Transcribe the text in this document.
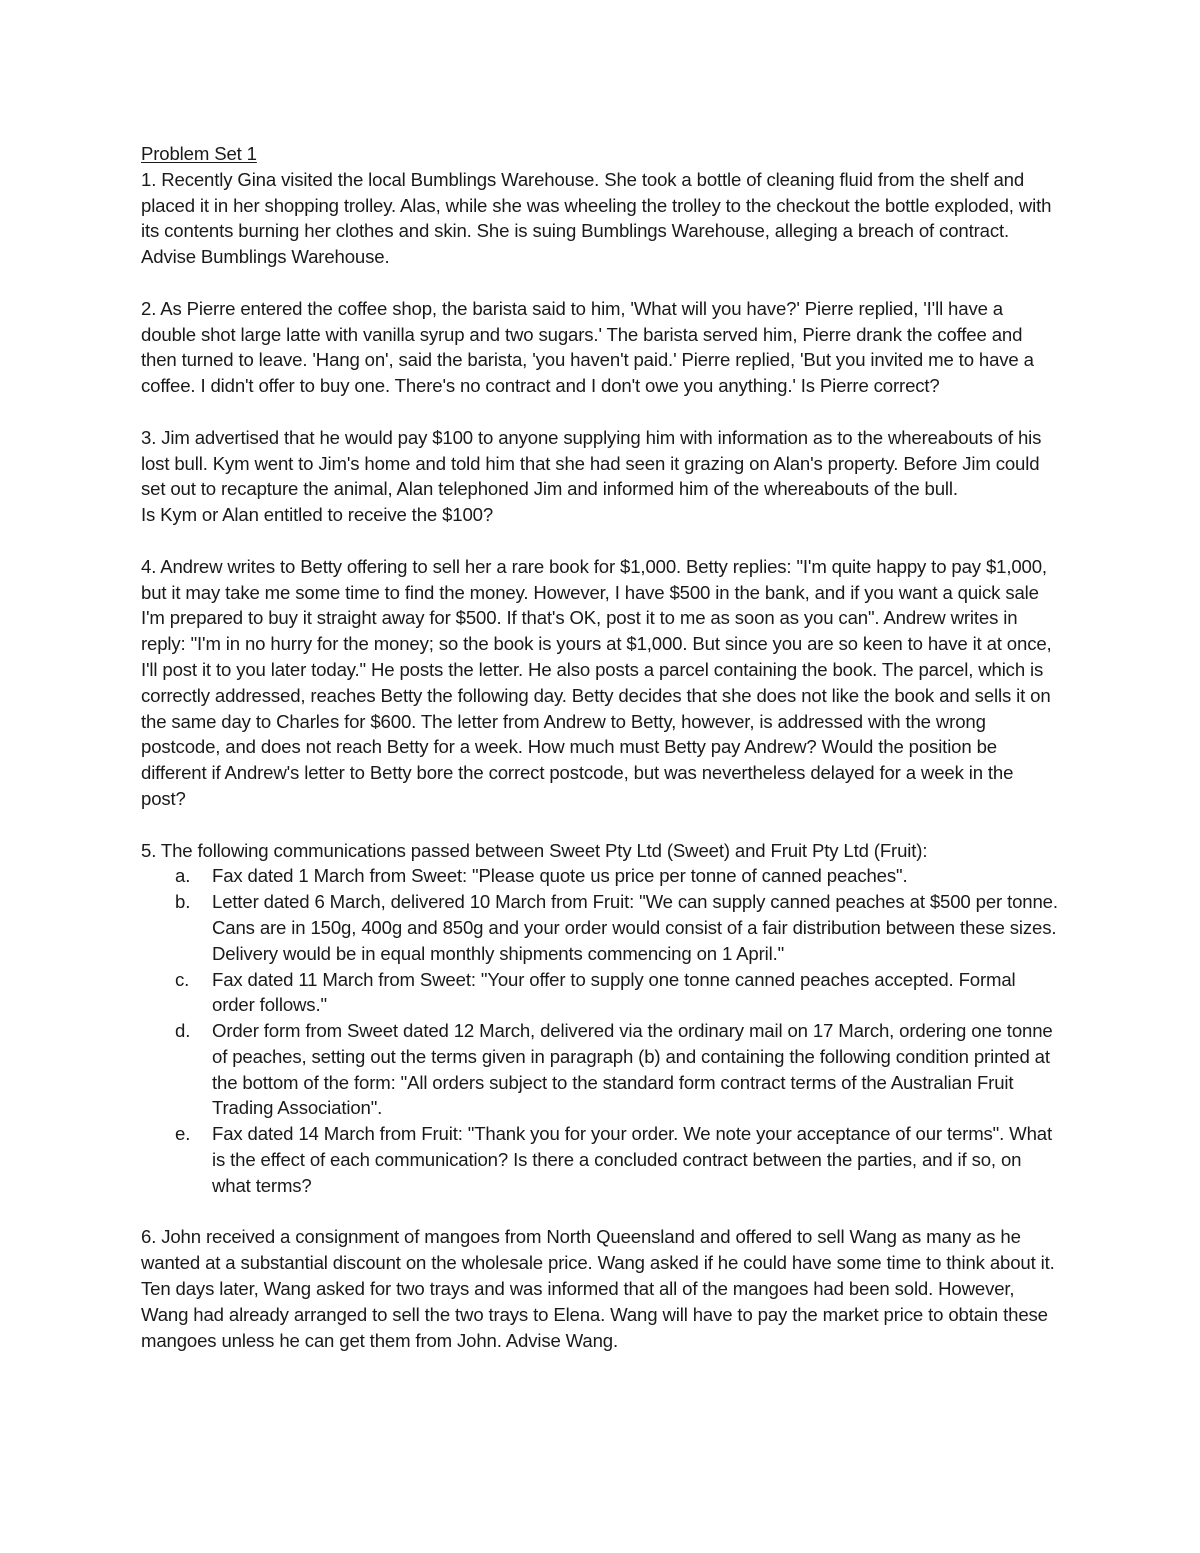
Problem Set 1

1. Recently Gina visited the local Bumblings Warehouse. She took a bottle of cleaning fluid from the shelf and placed it in her shopping trolley. Alas, while she was wheeling the trolley to the checkout the bottle exploded, with its contents burning her clothes and skin. She is suing Bumblings Warehouse, alleging a breach of contract. Advise Bumblings Warehouse.

2. As Pierre entered the coffee shop, the barista said to him, 'What will you have?' Pierre replied, 'I'll have a double shot large latte with vanilla syrup and two sugars.' The barista served him, Pierre drank the coffee and then turned to leave. 'Hang on', said the barista, 'you haven't paid.' Pierre replied, 'But you invited me to have a coffee. I didn't offer to buy one. There's no contract and I don't owe you anything.' Is Pierre correct?

3. Jim advertised that he would pay $100 to anyone supplying him with information as to the whereabouts of his lost bull. Kym went to Jim's home and told him that she had seen it grazing on Alan's property. Before Jim could set out to recapture the animal, Alan telephoned Jim and informed him of the whereabouts of the bull.

Is Kym or Alan entitled to receive the $100?

4. Andrew writes to Betty offering to sell her a rare book for $1,000. Betty replies: "I'm quite happy to pay $1,000, but it may take me some time to find the money. However, I have $500 in the bank, and if you want a quick sale I'm prepared to buy it straight away for $500. If that's OK, post it to me as soon as you can". Andrew writes in reply: "I'm in no hurry for the money; so the book is yours at $1,000. But since you are so keen to have it at once, I'll post it to you later today." He posts the letter. He also posts a parcel containing the book. The parcel, which is correctly addressed, reaches Betty the following day. Betty decides that she does not like the book and sells it on the same day to Charles for $600. The letter from Andrew to Betty, however, is addressed with the wrong postcode, and does not reach Betty for a week. How much must Betty pay Andrew? Would the position be different if Andrew's letter to Betty bore the correct postcode, but was nevertheless delayed for a week in the post?

5. The following communications passed between Sweet Pty Ltd (Sweet) and Fruit Pty Ltd (Fruit):

a. Fax dated 1 March from Sweet: "Please quote us price per tonne of canned peaches".
b. Letter dated 6 March, delivered 10 March from Fruit: "We can supply canned peaches at $500 per tonne. Cans are in 150g, 400g and 850g and your order would consist of a fair distribution between these sizes. Delivery would be in equal monthly shipments commencing on 1 April."
c. Fax dated 11 March from Sweet: "Your offer to supply one tonne canned peaches accepted. Formal order follows."
d. Order form from Sweet dated 12 March, delivered via the ordinary mail on 17 March, ordering one tonne of peaches, setting out the terms given in paragraph (b) and containing the following condition printed at the bottom of the form: "All orders subject to the standard form contract terms of the Australian Fruit Trading Association".
e. Fax dated 14 March from Fruit: "Thank you for your order. We note your acceptance of our terms". What is the effect of each communication? Is there a concluded contract between the parties, and if so, on what terms?

6. John received a consignment of mangoes from North Queensland and offered to sell Wang as many as he wanted at a substantial discount on the wholesale price. Wang asked if he could have some time to think about it. Ten days later, Wang asked for two trays and was informed that all of the mangoes had been sold. However, Wang had already arranged to sell the two trays to Elena. Wang will have to pay the market price to obtain these mangoes unless he can get them from John. Advise Wang.
